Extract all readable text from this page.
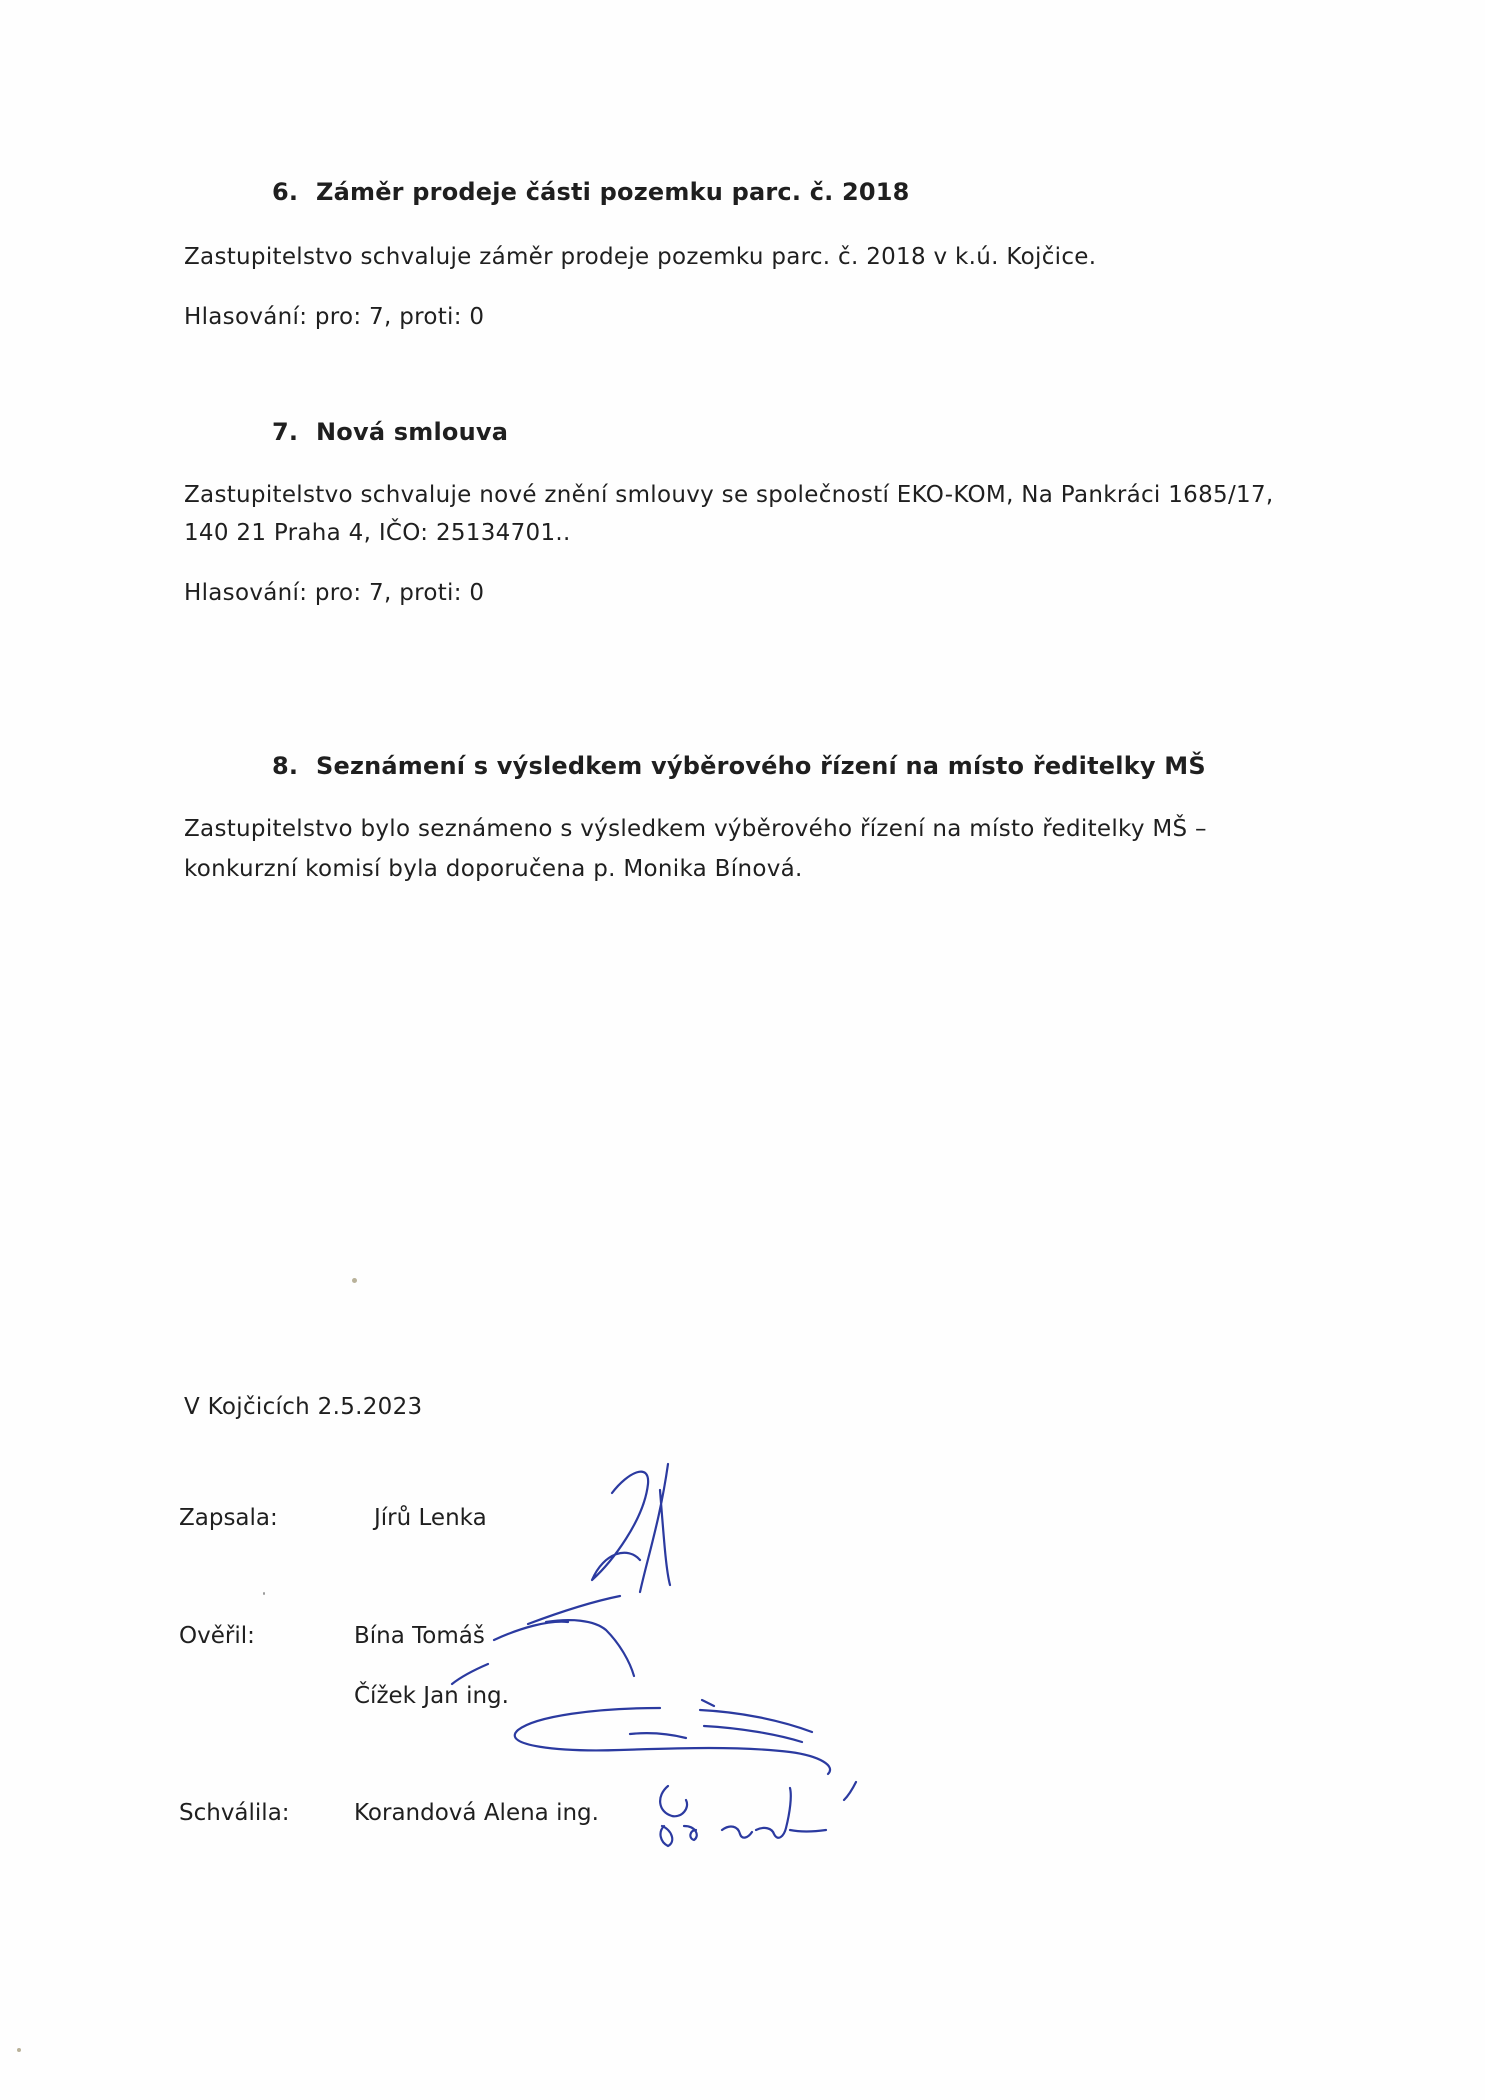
6. Záměr prodeje části pozemku parc. č. 2018
Zastupitelstvo schvaluje záměr prodeje pozemku parc. č. 2018 v k.ú. Kojčice.
Hlasování: pro: 7, proti: 0
7. Nová smlouva
Zastupitelstvo schvaluje nové znění smlouvy se společností EKO-KOM, Na Pankráci 1685/17,
140 21 Praha 4, IČO: 25134701..
Hlasování: pro: 7, proti: 0
8. Seznámení s výsledkem výběrového řízení na místo ředitelky MŠ
Zastupitelstvo bylo seznámeno s výsledkem výběrového řízení na místo ředitelky MŠ –
konkurzní komisí byla doporučena p. Monika Bínová.
V Kojčicích 2.5.2023
Zapsala:	Jírů Lenka
Ověřil:	Bína Tomáš
Čížek Jan ing.
Schválila:	Korandová Alena ing.
